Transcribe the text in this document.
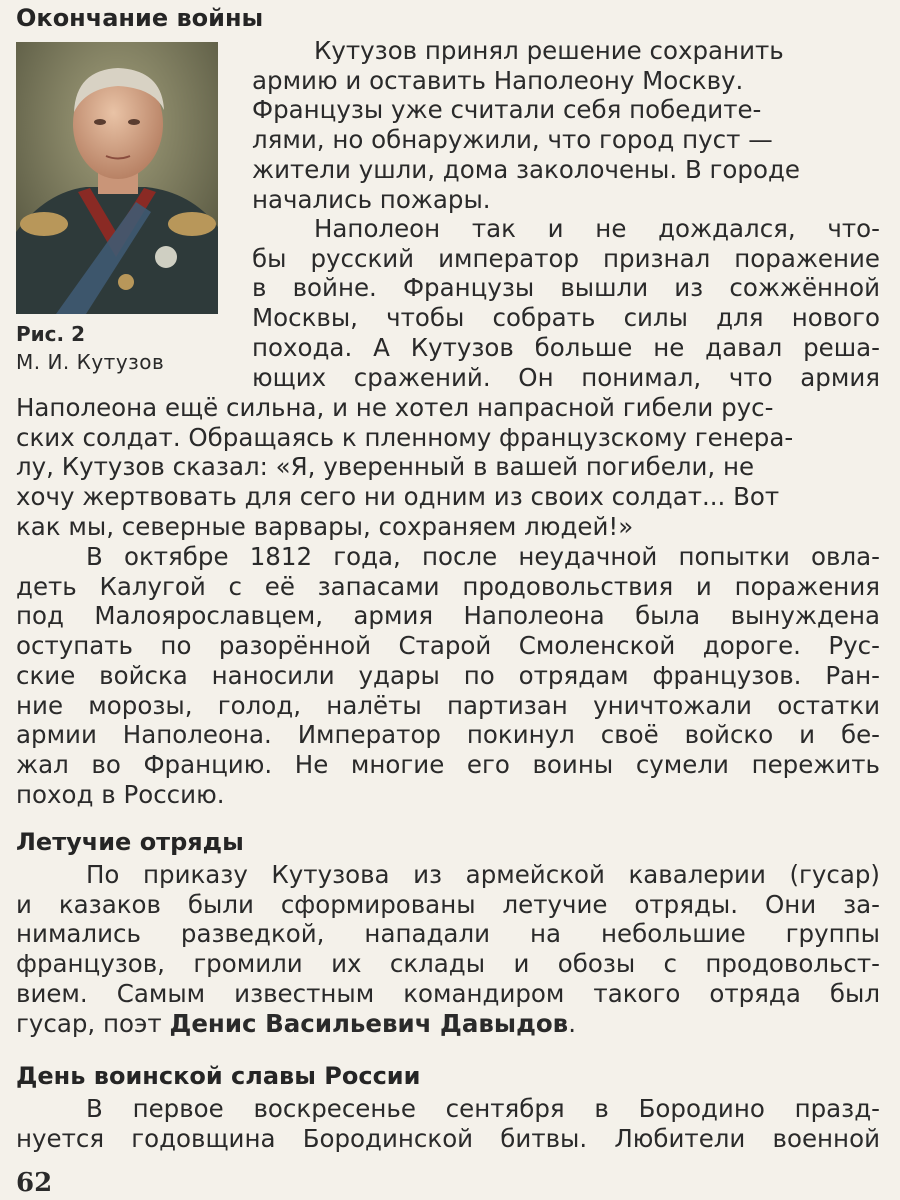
Окончание войны
Рис. 2
М. И. Кутузов
Кутузов принял решение сохранить
армию и оставить Наполеону Москву.
Французы уже считали себя победите-
лями, но обнаружили, что город пуст —
жители ушли, дома заколочены. В городе
начались пожары.
Наполеон так и не дождался, что-
бы русский император признал поражение
в войне. Французы вышли из сожжённой
Москвы, чтобы собрать силы для нового
похода. А Кутузов больше не давал реша-
ющих сражений. Он понимал, что армия
Наполеона ещё сильна, и не хотел напрасной гибели рус-
ских солдат. Обращаясь к пленному французскому генера-
лу, Кутузов сказал: «Я, уверенный в вашей погибели, не
хочу жертвовать для сего ни одним из своих солдат... Вот
как мы, северные варвары, сохраняем людей!»
В октябре 1812 года, после неудачной попытки овла-
деть Калугой с её запасами продовольствия и поражения
под Малоярославцем, армия Наполеона была вынуждена
оступать по разорённой Старой Смоленской дороге. Рус-
ские войска наносили удары по отрядам французов. Ран-
ние морозы, голод, налёты партизан уничтожали остатки
армии Наполеона. Император покинул своё войско и бе-
жал во Францию. Не многие его воины сумели пережить
поход в Россию.
Летучие отряды
По приказу Кутузова из армейской кавалерии (гусар)
и казаков были сформированы летучие отряды. Они за-
нимались разведкой, нападали на небольшие группы
французов, громили их склады и обозы с продовольст-
вием. Самым известным командиром такого отряда был
гусар, поэт Денис Васильевич Давыдов.
День воинской славы России
В первое воскресенье сентября в Бородино празд-
нуется годовщина Бородинской битвы. Любители военной
62
